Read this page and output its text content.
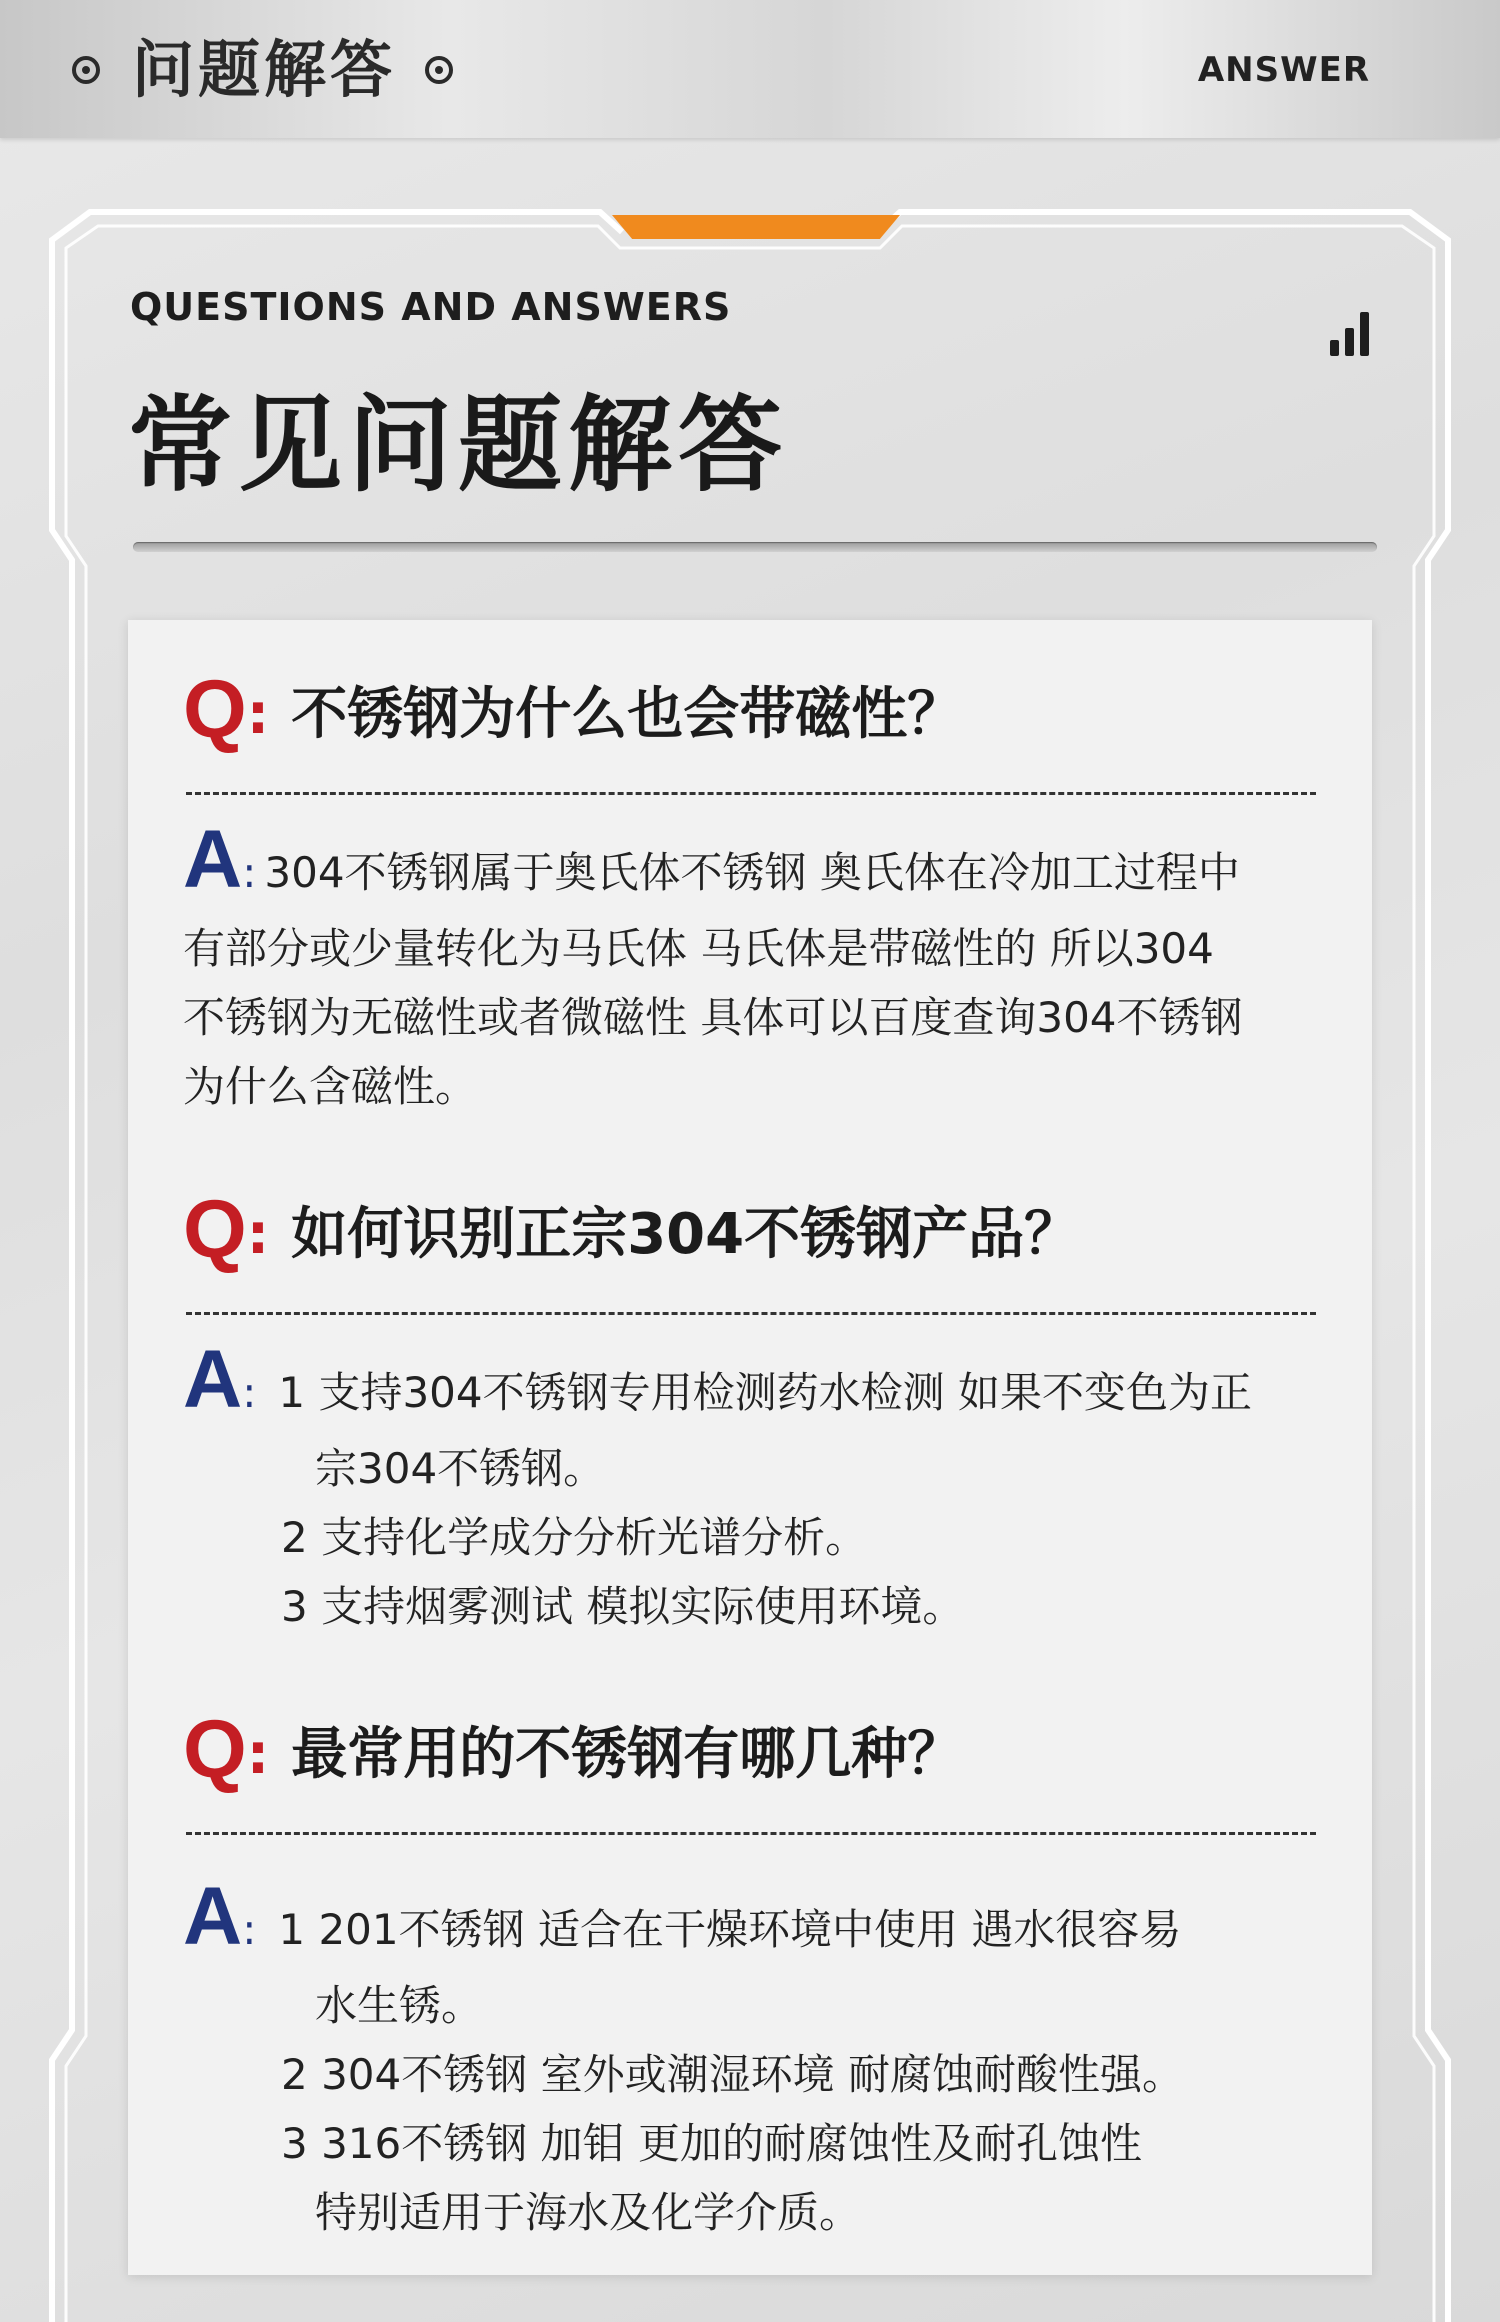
问题解答	ANSWER
QUESTIONS AND ANSWERS
常见问题解答
Q: 不锈钢为什么也会带磁性？
A: 304不锈钢属于奥氏体不锈钢 奥氏体在冷加工过程中
有部分或少量转化为马氏体 马氏体是带磁性的 所以304
不锈钢为无磁性或者微磁性 具体可以百度查询304不锈钢
为什么含磁性。
Q: 如何识别正宗304不锈钢产品？
A: 1 支持304不锈钢专用检测药水检测 如果不变色为正
宗304不锈钢。
2 支持化学成分分析光谱分析。
3 支持烟雾测试 模拟实际使用环境。
Q: 最常用的不锈钢有哪几种？
A: 1 201不锈钢 适合在干燥环境中使用 遇水很容易
水生锈。
2 304不锈钢 室外或潮湿环境 耐腐蚀耐酸性强。
3 316不锈钢 加钼 更加的耐腐蚀性及耐孔蚀性
特别适用于海水及化学介质。
